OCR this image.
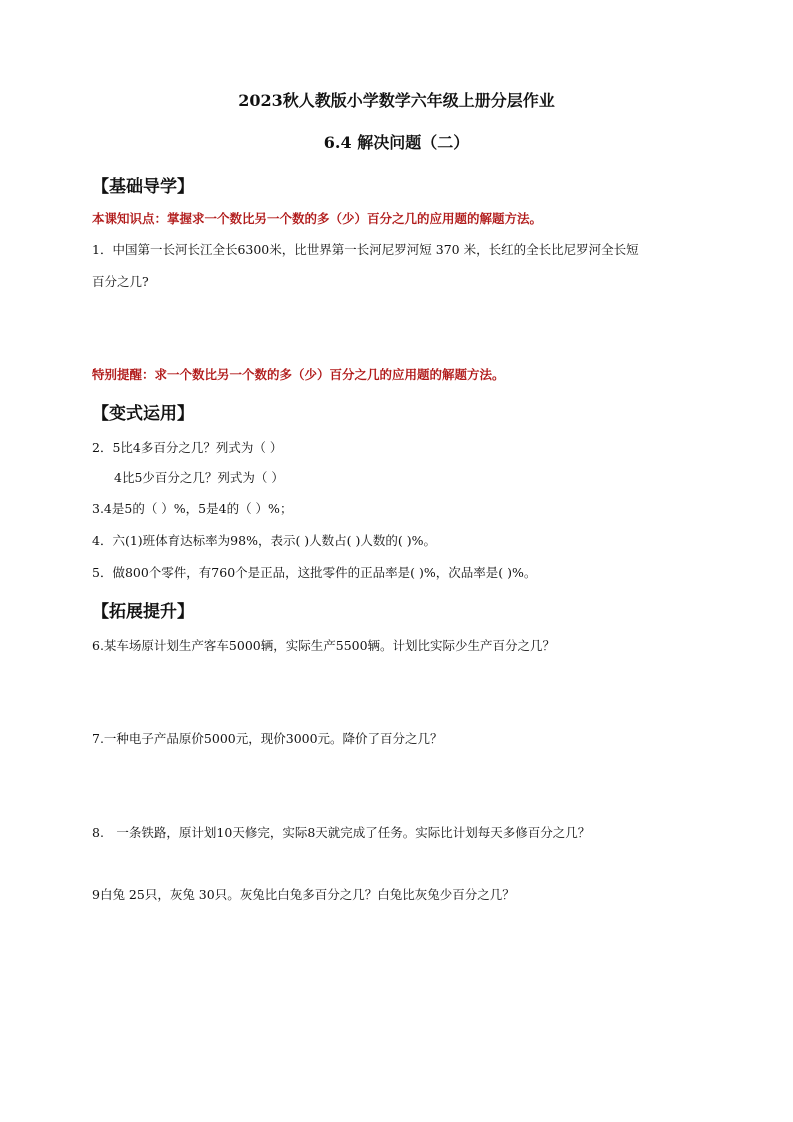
2023秋人教版小学数学六年级上册分层作业
6.4 解决问题（二）
【基础导学】
本课知识点：掌握求一个数比另一个数的多（少）百分之几的应用题的解题方法。
1．中国第一长河长江全长6300米，比世界第一长河尼罗河短 370 米，长红的全长比尼罗河全长短
百分之几?
特别提醒：求一个数比另一个数的多（少）百分之几的应用题的解题方法。
【变式运用】
2．5比4多百分之几？列式为（ ）
4比5少百分之几？列式为（ ）
3.4是5的（ ）%，5是4的（ ）%；
4．六(1)班体育达标率为98%，表示( )人数占( )人数的( )%。
5．做800个零件，有760个是正品，这批零件的正品率是( )%，次品率是( )%。
【拓展提升】
6.某车场原计划生产客车5000辆，实际生产5500辆。计划比实际少生产百分之几？
7.一种电子产品原价5000元，现价3000元。降价了百分之几？
8.　一条铁路，原计划10天修完，实际8天就完成了任务。实际比计划每天多修百分之几？
9白兔 25只，灰兔 30只。灰兔比白兔多百分之几？白兔比灰兔少百分之几？
